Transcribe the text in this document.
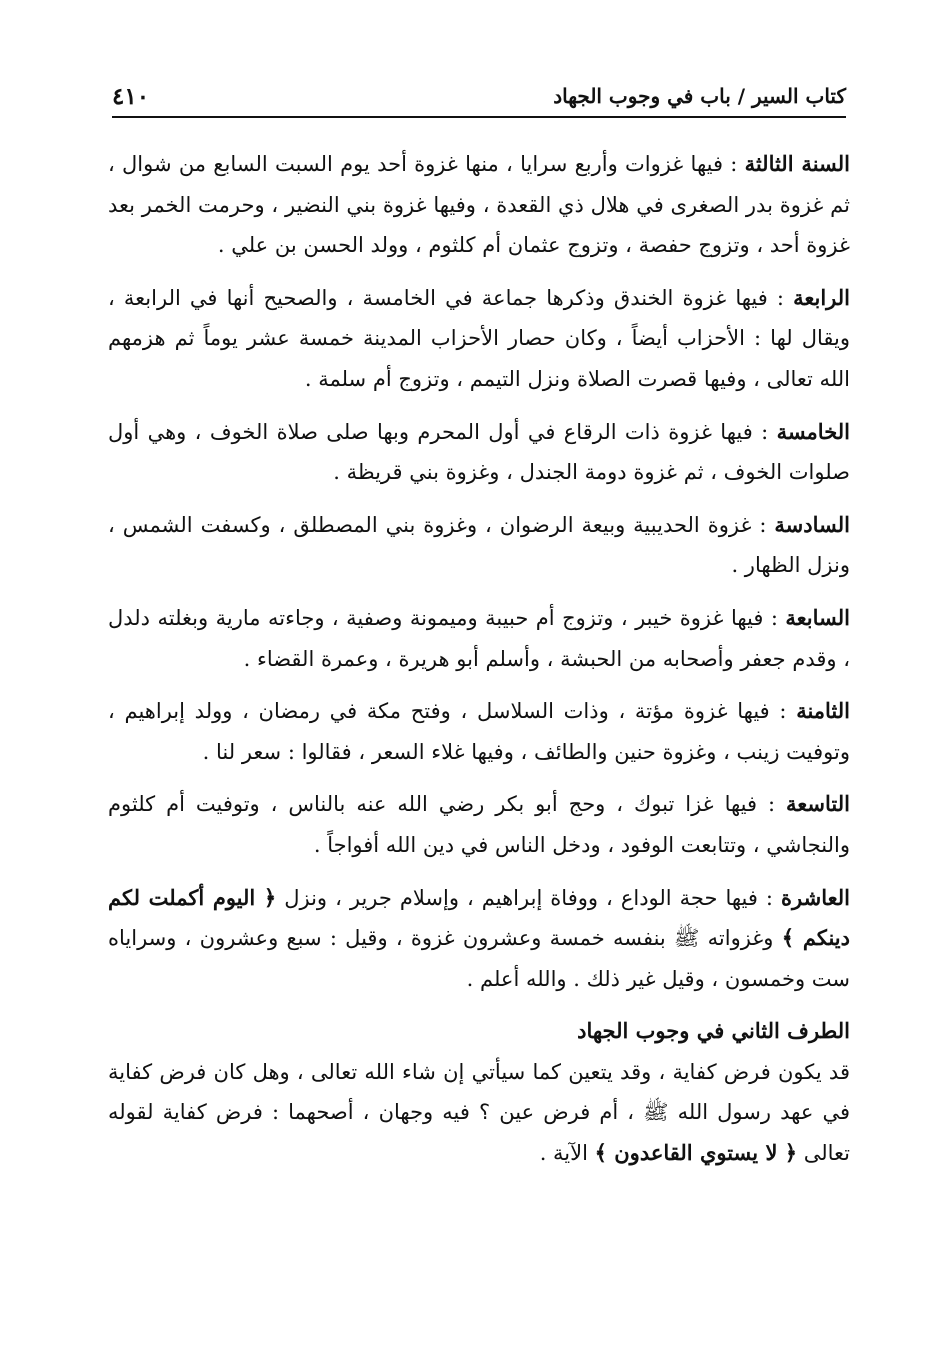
كتاب السير / باب في وجوب الجهاد
٤١٠

السنة الثالثة : فيها غزوات وأربع سرايا ، منها غزوة أحد يوم السبت السابع من شوال ، ثم غزوة بدر الصغرى في هلال ذي القعدة ، وفيها غزوة بني النضير ، وحرمت الخمر بعد غزوة أحد ، وتزوج حفصة ، وتزوج عثمان أم كلثوم ، وولد الحسن بن علي .

الرابعة : فيها غزوة الخندق وذكرها جماعة في الخامسة ، والصحيح أنها في الرابعة ، ويقال لها : الأحزاب أيضاً ، وكان حصار الأحزاب المدينة خمسة عشر يوماً ثم هزمهم الله تعالى ، وفيها قصرت الصلاة ونزل التيمم ، وتزوج أم سلمة .

الخامسة : فيها غزوة ذات الرقاع في أول المحرم وبها صلى صلاة الخوف ، وهي أول صلوات الخوف ، ثم غزوة دومة الجندل ، وغزوة بني قريظة .

السادسة : غزوة الحديبية وبيعة الرضوان ، وغزوة بني المصطلق ، وكسفت الشمس ، ونزل الظهار .

السابعة : فيها غزوة خيبر ، وتزوج أم حبيبة وميمونة وصفية ، وجاءته مارية وبغلته دلدل ، وقدم جعفر وأصحابه من الحبشة ، وأسلم أبو هريرة ، وعمرة القضاء .

الثامنة : فيها غزوة مؤتة ، وذات السلاسل ، وفتح مكة في رمضان ، وولد إبراهيم ، وتوفيت زينب ، وغزوة حنين والطائف ، وفيها غلاء السعر ، فقالوا : سعر لنا .

التاسعة : فيها غزا تبوك ، وحج أبو بكر رضي الله عنه بالناس ، وتوفيت أم كلثوم والنجاشي ، وتتابعت الوفود ، ودخل الناس في دين الله أفواجاً .

العاشرة : فيها حجة الوداع ، ووفاة إبراهيم ، وإسلام جرير ، ونزل ﴿ اليوم أكملت لكم دينكم ﴾ وغزواته ﷺ بنفسه خمسة وعشرون غزوة ، وقيل : سبع وعشرون ، وسراياه ست وخمسون ، وقيل غير ذلك . والله أعلم .

الطرف الثاني في وجوب الجهاد

قد يكون فرض كفاية ، وقد يتعين كما سيأتي إن شاء الله تعالى ، وهل كان فرض كفاية في عهد رسول الله ﷺ ، أم فرض عين ؟ فيه وجهان ، أصحهما : فرض كفاية لقوله تعالى ﴿ لا يستوي القاعدون ﴾ الآية .
